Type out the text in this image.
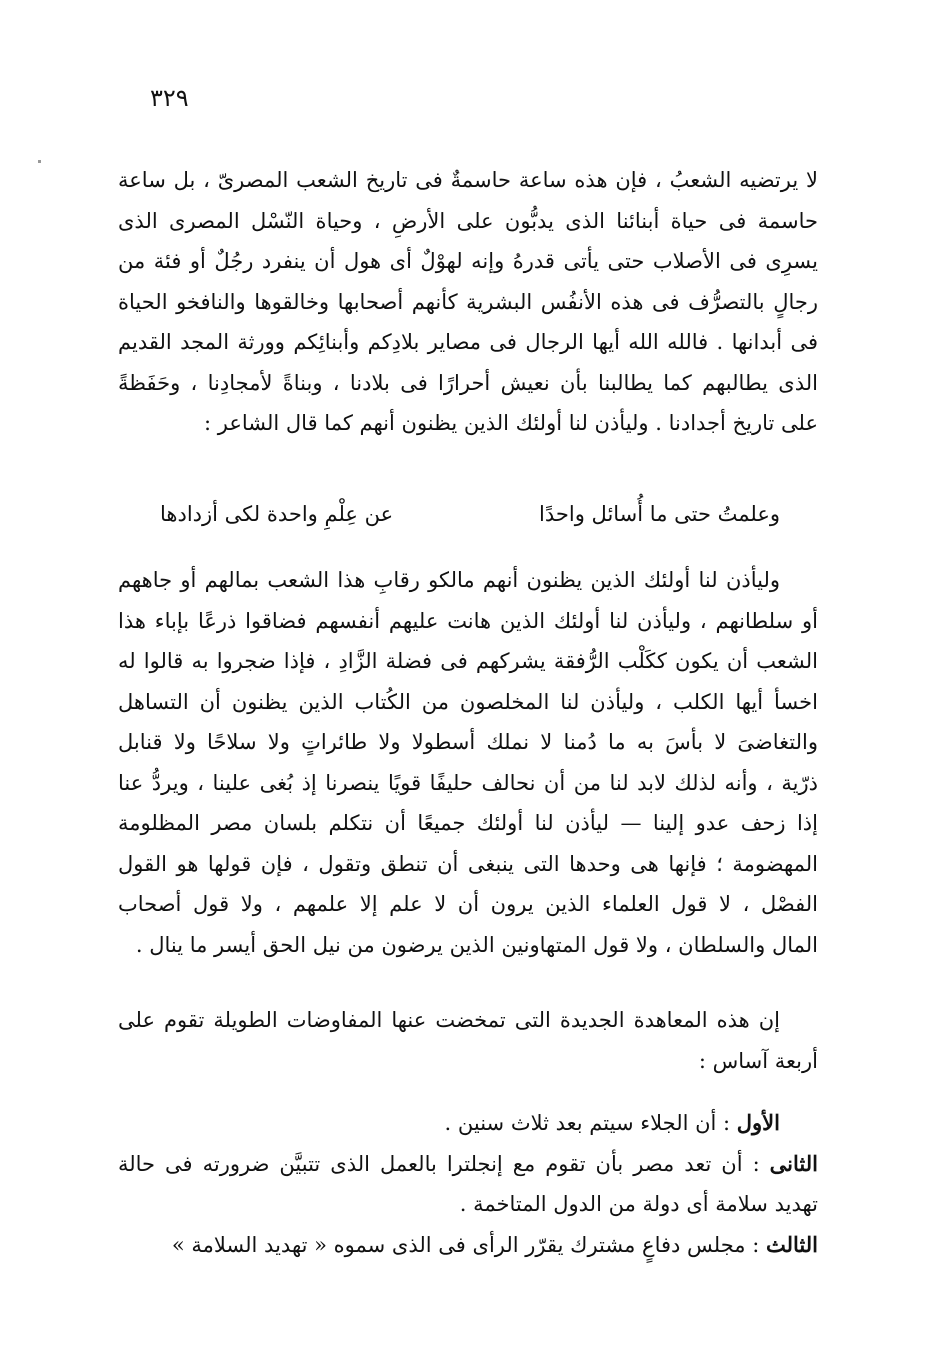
٣٢٩
لا يرتضيه الشعبُ ، فإن هذه ساعة حاسمةٌ فى تاريخ الشعب المصرىّ ، بل ساعة
حاسمة فى حياة أبنائنا الذى يدبُّون على الأرضِ ، وحياة النّسْل المصرى الذى
يسرِى فى الأصلاب حتى يأتى قدرهُ وإنه لهوْلٌ أى هول أن ينفرد رجُلٌ أو فئة من
رجالٍ بالتصرُّف فى هذه الأنفُس البشرية كأنهم أصحابها وخالقوها والنافخو الحياة
فى أبدانها . فالله الله أيها الرجال فى مصاير بلادِكم وأبنائِكم وورثة المجد القديم
الذى يطالبهم كما يطالبنا بأن نعيش أحرارًا فى بلادنا ، وبناةً لأمجادِنا ، وحَفَظةً
على تاريخ أجدادنا . وليأذن لنا أولئك الذين يظنون أنهم كما قال الشاعر :
وعلمتُ حتى ما أُسائل واحدًا
عن عِلْمِ واحدة لكى أزدادها
وليأذن لنا أولئك الذين يظنون أنهم مالكو رقابِ هذا الشعب بمالهم أو جاههم
أو سلطانهم ، وليأذن لنا أولئك الذين هانت عليهم أنفسهم فضاقوا ذرعًا بإباء هذا
الشعب أن يكون ككَلْب الرُّفقة يشركهم فى فضلة الزَّادِ ، فإذا ضجروا به قالوا له
اخسأ أيها الكلب ، وليأذن لنا المخلصون من الكُتاب الذين يظنون أن التساهل
والتغاضىَ لا بأسَ به ما دُمنا لا نملك أسطولا ولا طائراتٍ ولا سلاحًا ولا قنابل
ذرّية ، وأنه لذلك لابد لنا من أن نحالف حليفًا قويًا ينصرنا إذ بُغى علينا ، ويردُّ عنا
إذا زحف عدو إلينا — ليأذن لنا أولئك جميعًا أن نتكلم بلسان مصر المظلومة
المهضومة ؛ فإنها هى وحدها التى ينبغى أن تنطق وتقول ، فإن قولها هو القول
الفصْل ، لا قول العلماء الذين يرون أن لا علم إلا علمهم ، ولا قول أصحاب
المال والسلطان ، ولا قول المتهاونين الذين يرضون من نيل الحق أيسر ما ينال .
إن هذه المعاهدة الجديدة التى تمخضت عنها المفاوضات الطويلة تقوم على
أربعة آساس :
الأول : أن الجلاء سيتم بعد ثلاث سنين .
الثانى : أن تعد مصر بأن تقوم مع إنجلترا بالعمل الذى تتبيَّن ضرورته فى حالة
تهديد سلامة أى دولة من الدول المتاخمة .
الثالث : مجلس دفاعٍ مشترك يقرّر الرأى فى الذى سموه « تهديد السلامة »
